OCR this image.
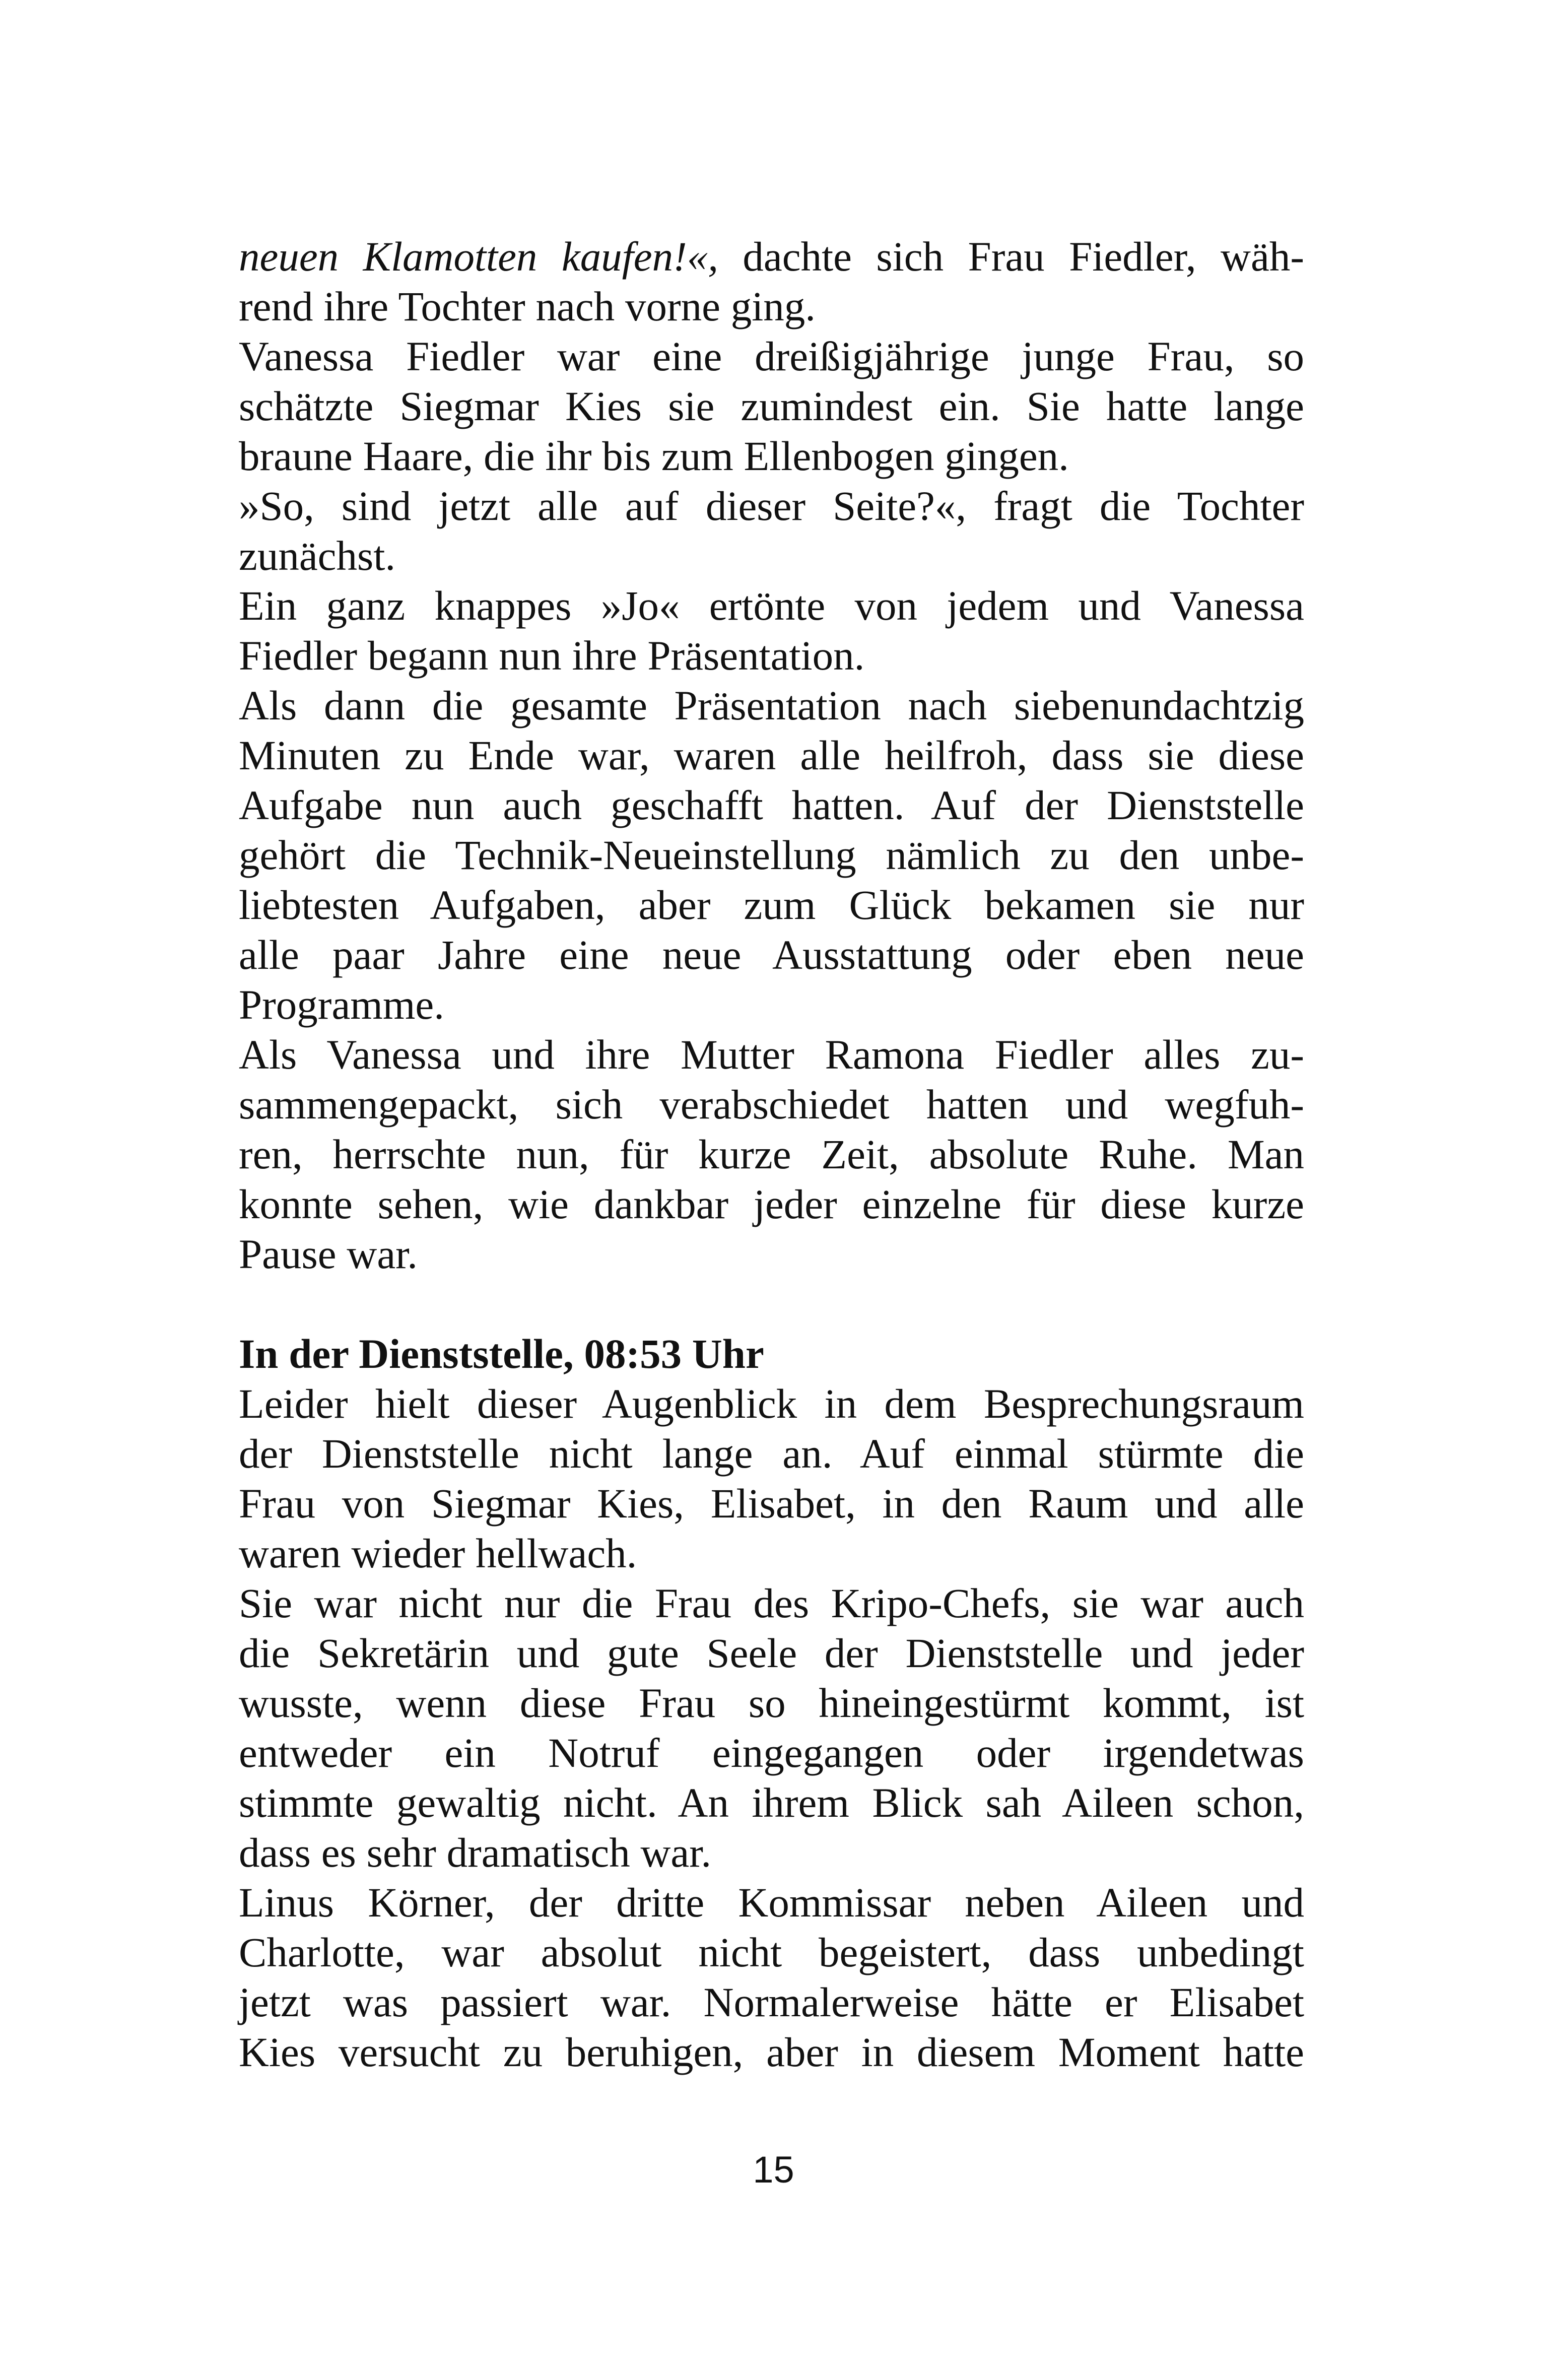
neuen Klamotten kaufen!«, dachte sich Frau Fiedler, wäh-
rend ihre Tochter nach vorne ging.
Vanessa Fiedler war eine dreißigjährige junge Frau, so
schätzte Siegmar Kies sie zumindest ein. Sie hatte lange
braune Haare, die ihr bis zum Ellenbogen gingen.
»So, sind jetzt alle auf dieser Seite?«, fragt die Tochter
zunächst.
Ein ganz knappes »Jo« ertönte von jedem und Vanessa
Fiedler begann nun ihre Präsentation.
Als dann die gesamte Präsentation nach siebenundachtzig
Minuten zu Ende war, waren alle heilfroh, dass sie diese
Aufgabe nun auch geschafft hatten. Auf der Dienststelle
gehört die Technik-Neueinstellung nämlich zu den unbe-
liebtesten Aufgaben, aber zum Glück bekamen sie nur
alle paar Jahre eine neue Ausstattung oder eben neue
Programme.
Als Vanessa und ihre Mutter Ramona Fiedler alles zu-
sammengepackt, sich verabschiedet hatten und wegfuh-
ren, herrschte nun, für kurze Zeit, absolute Ruhe. Man
konnte sehen, wie dankbar jeder einzelne für diese kurze
Pause war.
In der Dienststelle, 08:53 Uhr
Leider hielt dieser Augenblick in dem Besprechungsraum
der Dienststelle nicht lange an. Auf einmal stürmte die
Frau von Siegmar Kies, Elisabet, in den Raum und alle
waren wieder hellwach.
Sie war nicht nur die Frau des Kripo-Chefs, sie war auch
die Sekretärin und gute Seele der Dienststelle und jeder
wusste, wenn diese Frau so hineingestürmt kommt, ist
entweder ein Notruf eingegangen oder irgendetwas
stimmte gewaltig nicht. An ihrem Blick sah Aileen schon,
dass es sehr dramatisch war.
Linus Körner, der dritte Kommissar neben Aileen und
Charlotte, war absolut nicht begeistert, dass unbedingt
jetzt was passiert war. Normalerweise hätte er Elisabet
Kies versucht zu beruhigen, aber in diesem Moment hatte
15
